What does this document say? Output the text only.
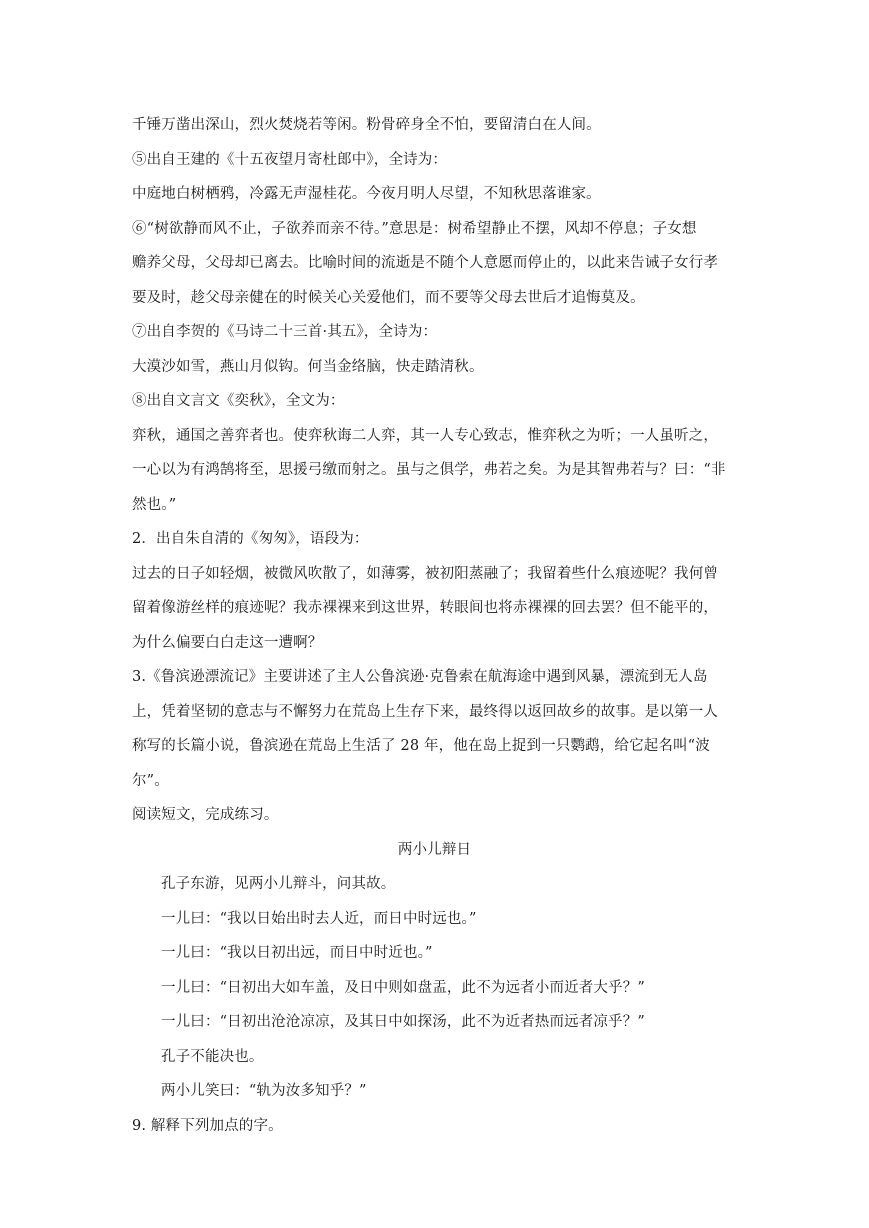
千锤万凿出深山，烈火焚烧若等闲。粉骨碎身全不怕，要留清白在人间。
⑤出自王建的《十五夜望月寄杜郎中》，全诗为：
中庭地白树栖鸦，冷露无声湿桂花。今夜月明人尽望，不知秋思落谁家。
⑥“树欲静而风不止，子欲养而亲不待。”意思是：树希望静止不摆，风却不停息；子女想
赡养父母，父母却已离去。比喻时间的流逝是不随个人意愿而停止的，以此来告诫子女行孝
要及时，趁父母亲健在的时候关心关爱他们，而不要等父母去世后才追悔莫及。
⑦出自李贺的《马诗二十三首·其五》，全诗为：
大漠沙如雪，燕山月似钩。何当金络脑，快走踏清秋。
⑧出自文言文《奕秋》，全文为：
弈秋，通国之善弈者也。使弈秋诲二人弈，其一人专心致志，惟弈秋之为听；一人虽听之，
一心以为有鸿鹄将至，思援弓缴而射之。虽与之俱学，弗若之矣。为是其智弗若与？曰：“非
然也。”
2．出自朱自清的《匆匆》，语段为：
过去的日子如轻烟，被微风吹散了，如薄雾，被初阳蒸融了；我留着些什么痕迹呢？我何曾
留着像游丝样的痕迹呢？我赤裸裸来到这世界，转眼间也将赤裸裸的回去罢？但不能平的，
为什么偏要白白走这一遭啊？
3.《鲁滨逊漂流记》主要讲述了主人公鲁滨逊·克鲁索在航海途中遇到风暴，漂流到无人岛
上，凭着坚韧的意志与不懈努力在荒岛上生存下来，最终得以返回故乡的故事。是以第一人
称写的长篇小说，鲁滨逊在荒岛上生活了 28 年，他在岛上捉到一只鹦鹉，给它起名叫“波
尔”。
阅读短文，完成练习。
两小儿辩日
孔子东游，见两小儿辩斗，问其故。
一儿曰：“我以日始出时去人近，而日中时远也。”
一儿曰：“我以日初出远，而日中时近也。”
一儿曰：“日初出大如车盖，及日中则如盘盂，此不为远者小而近者大乎？”
一儿曰：“日初出沧沧凉凉，及其日中如探汤，此不为近者热而远者凉乎？”
孔子不能决也。
两小儿笑曰：“轨为汝多知乎？”
9. 解释下列加点的字。
